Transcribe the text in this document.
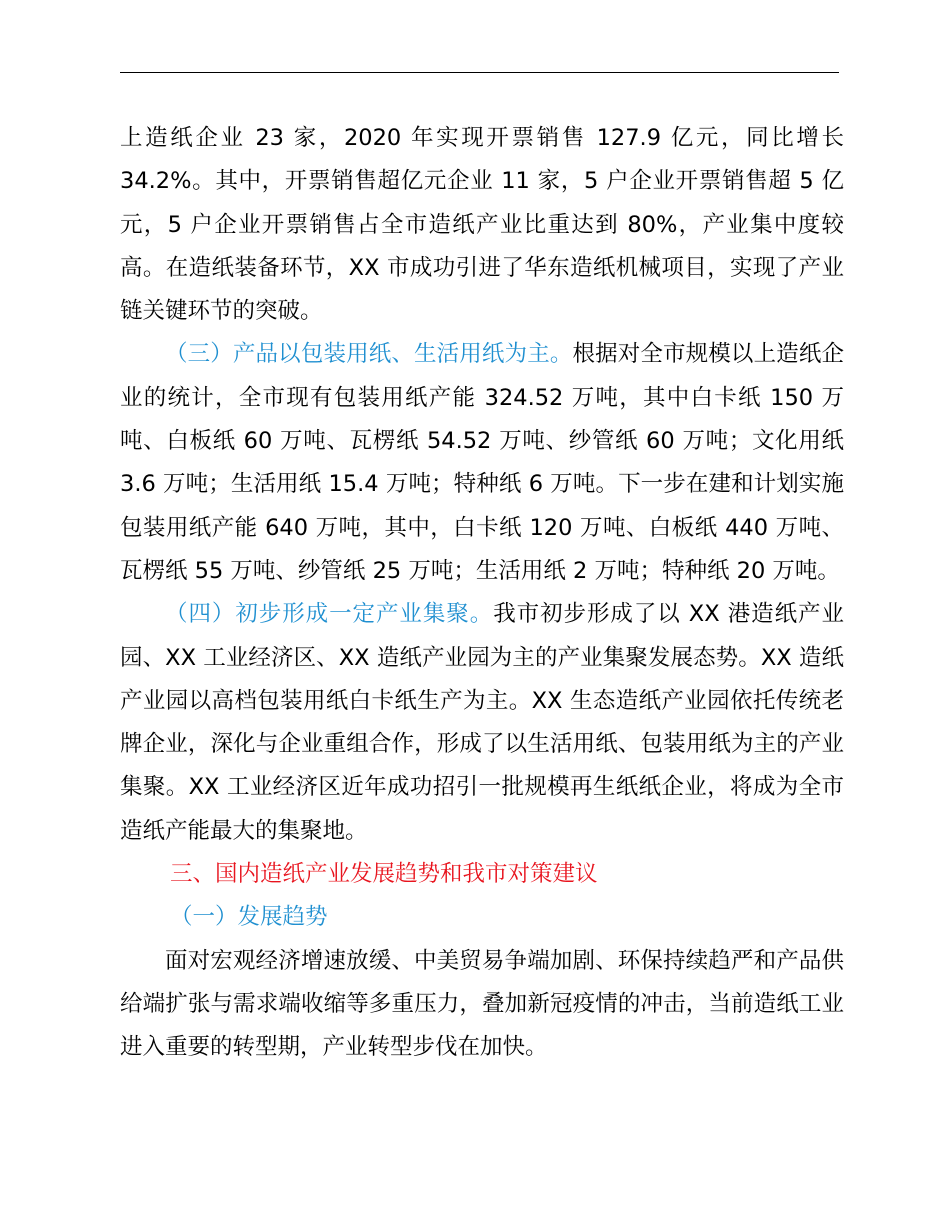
上造纸企业 23 家，2020 年实现开票销售 127.9 亿元，同比增长 34.2%。其中，开票销售超亿元企业 11 家，5 户企业开票销售超 5 亿元，5 户企业开票销售占全市造纸产业比重达到 80%，产业集中度较高。在造纸装备环节，XX 市成功引进了华东造纸机械项目，实现了产业链关键环节的突破。

（三）产品以包装用纸、生活用纸为主。根据对全市规模以上造纸企业的统计，全市现有包装用纸产能 324.52 万吨，其中白卡纸 150 万吨、白板纸 60 万吨、瓦楞纸 54.52 万吨、纱管纸 60 万吨；文化用纸 3.6 万吨；生活用纸 15.4 万吨；特种纸 6 万吨。下一步在建和计划实施包装用纸产能 640 万吨，其中，白卡纸 120 万吨、白板纸 440 万吨、瓦楞纸 55 万吨、纱管纸 25 万吨；生活用纸 2 万吨；特种纸 20 万吨。

（四）初步形成一定产业集聚。我市初步形成了以 XX 港造纸产业园、XX 工业经济区、XX 造纸产业园为主的产业集聚发展态势。XX 造纸产业园以高档包装用纸白卡纸生产为主。XX 生态造纸产业园依托传统老牌企业，深化与企业重组合作，形成了以生活用纸、包装用纸为主的产业集聚。XX 工业经济区近年成功招引一批规模再生纸纸企业，将成为全市造纸产能最大的集聚地。

三、国内造纸产业发展趋势和我市对策建议

（一）发展趋势

面对宏观经济增速放缓、中美贸易争端加剧、环保持续趋严和产品供给端扩张与需求端收缩等多重压力，叠加新冠疫情的冲击，当前造纸工业进入重要的转型期，产业转型步伐在加快。
